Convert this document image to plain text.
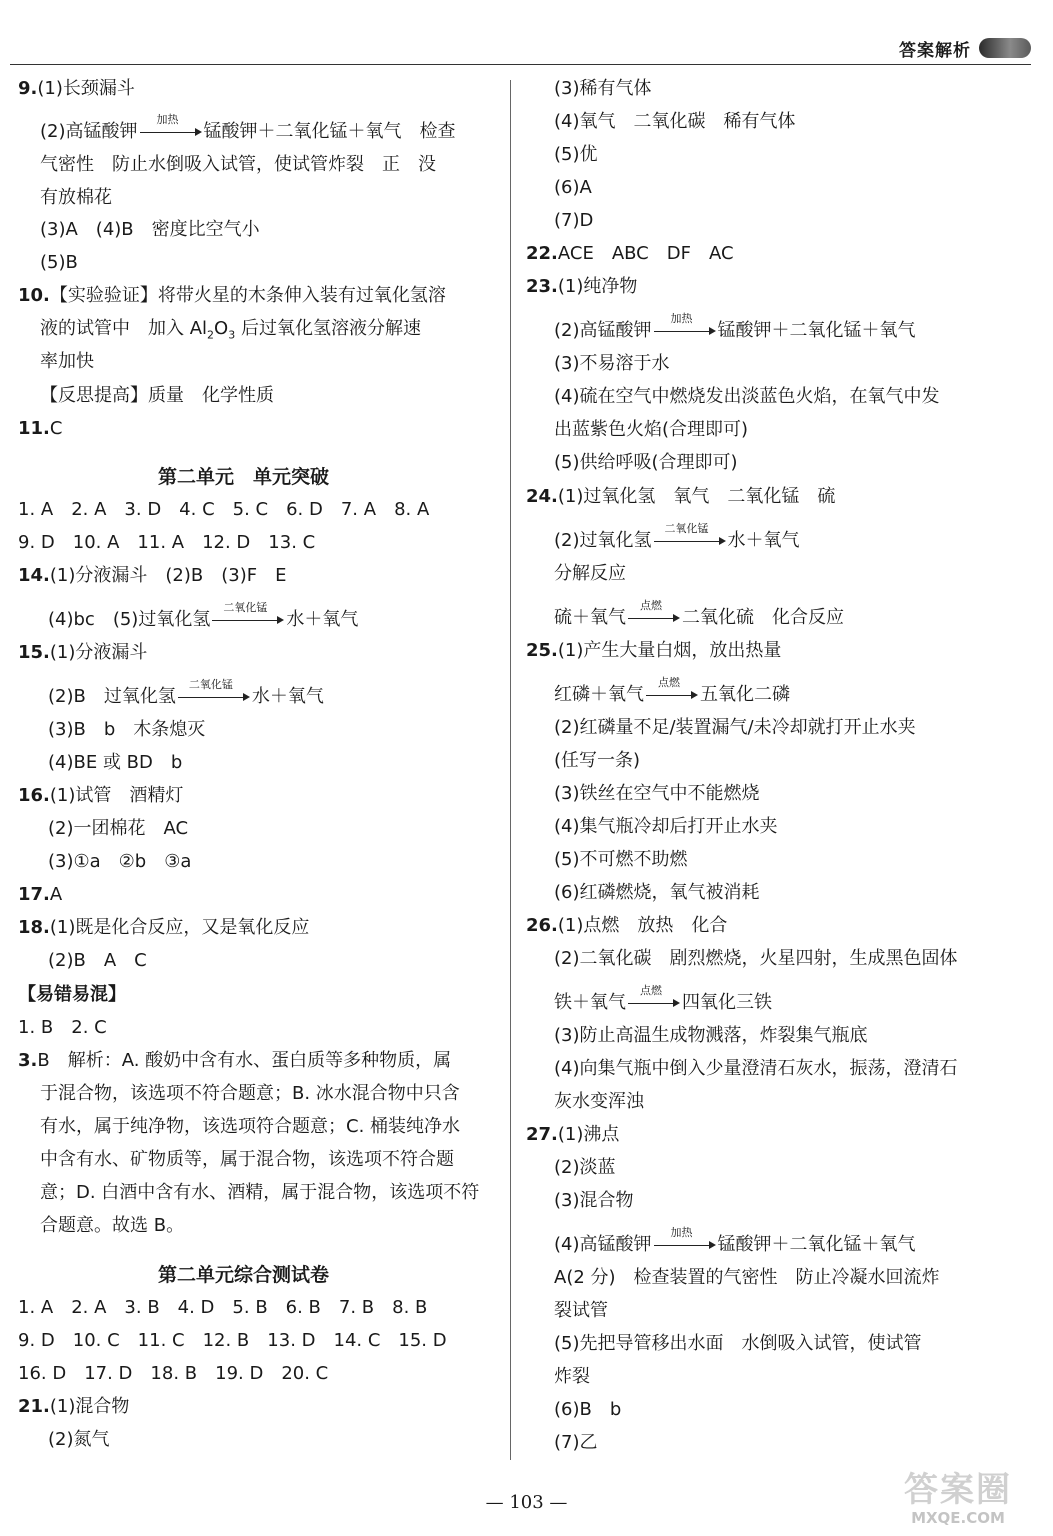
答案解析
9.(1)长颈漏斗
(2)高锰酸钾
加热
锰酸钾＋二氧化锰＋氧气　检查
气密性　防止水倒吸入试管，使试管炸裂　正　没
有放棉花
(3)A　(4)B　密度比空气小
(5)B
10.【实验验证】将带火星的木条伸入装有过氧化氢溶
液的试管中　加入 $Al_2O_3$ 后过氧化氢溶液分解速
率加快
【反思提高】质量　化学性质
11.C
第二单元　单元突破
1. A　2. A　3. D　4. C　5. C　6. D　7. A　8. A
9. D　10. A　11. A　12. D　13. C
14.(1)分液漏斗　(2)B　(3)F　E
(4)bc　(5)过氧化氢
二氧化锰
水＋氧气
15.(1)分液漏斗
(2)B　过氧化氢
二氧化锰
水＋氧气
(3)B　b　木条熄灭
(4)BE 或 BD　b
16.(1)试管　酒精灯
(2)一团棉花　AC
(3)①a　②b　③a
17.A
18.(1)既是化合反应，又是氧化反应
(2)B　A　C
【易错易混】
1. B　2. C
3.B　解析：A. 酸奶中含有水、蛋白质等多种物质，属
于混合物，该选项不符合题意；B. 冰水混合物中只含
有水，属于纯净物，该选项符合题意；C. 桶装纯净水
中含有水、矿物质等，属于混合物，该选项不符合题
意；D. 白酒中含有水、酒精，属于混合物，该选项不符
合题意。故选 B。
第二单元综合测试卷
1. A　2. A　3. B　4. D　5. B　6. B　7. B　8. B
9. D　10. C　11. C　12. B　13. D　14. C　15. D
16. D　17. D　18. B　19. D　20. C
21.(1)混合物
(2)氮气
(3)稀有气体
(4)氧气　二氧化碳　稀有气体
(5)优
(6)A
(7)D
22.ACE　ABC　DF　AC
23.(1)纯净物
(2)高锰酸钾
加热
锰酸钾＋二氧化锰＋氧气
(3)不易溶于水
(4)硫在空气中燃烧发出淡蓝色火焰，在氧气中发
出蓝紫色火焰(合理即可)
(5)供给呼吸(合理即可)
24.(1)过氧化氢　氧气　二氧化锰　硫
(2)过氧化氢
二氧化锰
水＋氧气
分解反应
硫＋氧气
点燃
二氧化硫　化合反应
25.(1)产生大量白烟，放出热量
红磷＋氧气
点燃
五氧化二磷
(2)红磷量不足/装置漏气/未冷却就打开止水夹
(任写一条)
(3)铁丝在空气中不能燃烧
(4)集气瓶冷却后打开止水夹
(5)不可燃不助燃
(6)红磷燃烧，氧气被消耗
26.(1)点燃　放热　化合
(2)二氧化碳　剧烈燃烧，火星四射，生成黑色固体
铁＋氧气
点燃
四氧化三铁
(3)防止高温生成物溅落，炸裂集气瓶底
(4)向集气瓶中倒入少量澄清石灰水，振荡，澄清石
灰水变浑浊
27.(1)沸点
(2)淡蓝
(3)混合物
(4)高锰酸钾
加热
锰酸钾＋二氧化锰＋氧气
A(2 分)　检查装置的气密性　防止冷凝水回流炸
裂试管
(5)先把导管移出水面　水倒吸入试管，使试管
炸裂
(6)B　b
(7)乙
— 103 —	答案圈
MXQE.COM
